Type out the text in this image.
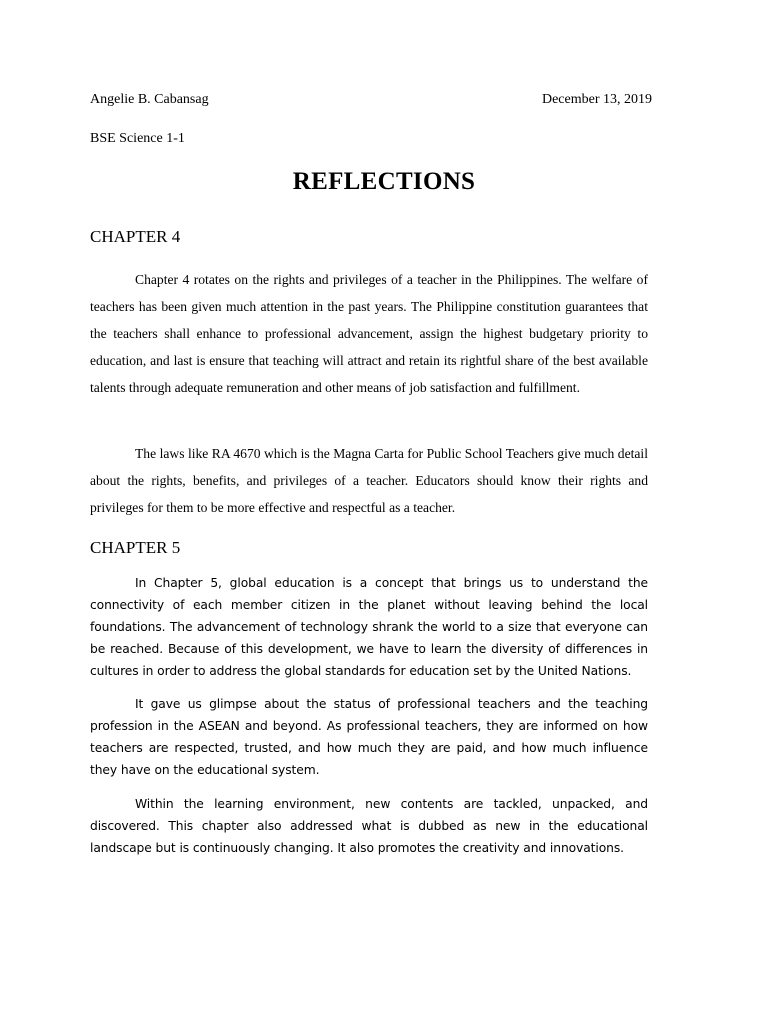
Angelie B. Cabansag	December 13, 2019
BSE Science 1-1
REFLECTIONS
CHAPTER 4

Chapter 4 rotates on the rights and privileges of a teacher in the Philippines. The welfare of teachers has been given much attention in the past years. The Philippine constitution guarantees that the teachers shall enhance to professional advancement, assign the highest budgetary priority to education, and last is ensure that teaching will attract and retain its rightful share of the best available talents through adequate remuneration and other means of job satisfaction and fulfillment.

The laws like RA 4670 which is the Magna Carta for Public School Teachers give much detail about the rights, benefits, and privileges of a teacher. Educators should know their rights and privileges for them to be more effective and respectful as a teacher.

CHAPTER 5

In Chapter 5, global education is a concept that brings us to understand the connectivity of each member citizen in the planet without leaving behind the local foundations. The advancement of technology shrank the world to a size that everyone can be reached. Because of this development, we have to learn the diversity of differences in cultures in order to address the global standards for education set by the United Nations.

It gave us glimpse about the status of professional teachers and the teaching profession in the ASEAN and beyond. As professional teachers, they are informed on how teachers are respected, trusted, and how much they are paid, and how much influence they have on the educational system.

Within the learning environment, new contents are tackled, unpacked, and discovered. This chapter also addressed what is dubbed as new in the educational landscape but is continuously changing. It also promotes the creativity and innovations.
